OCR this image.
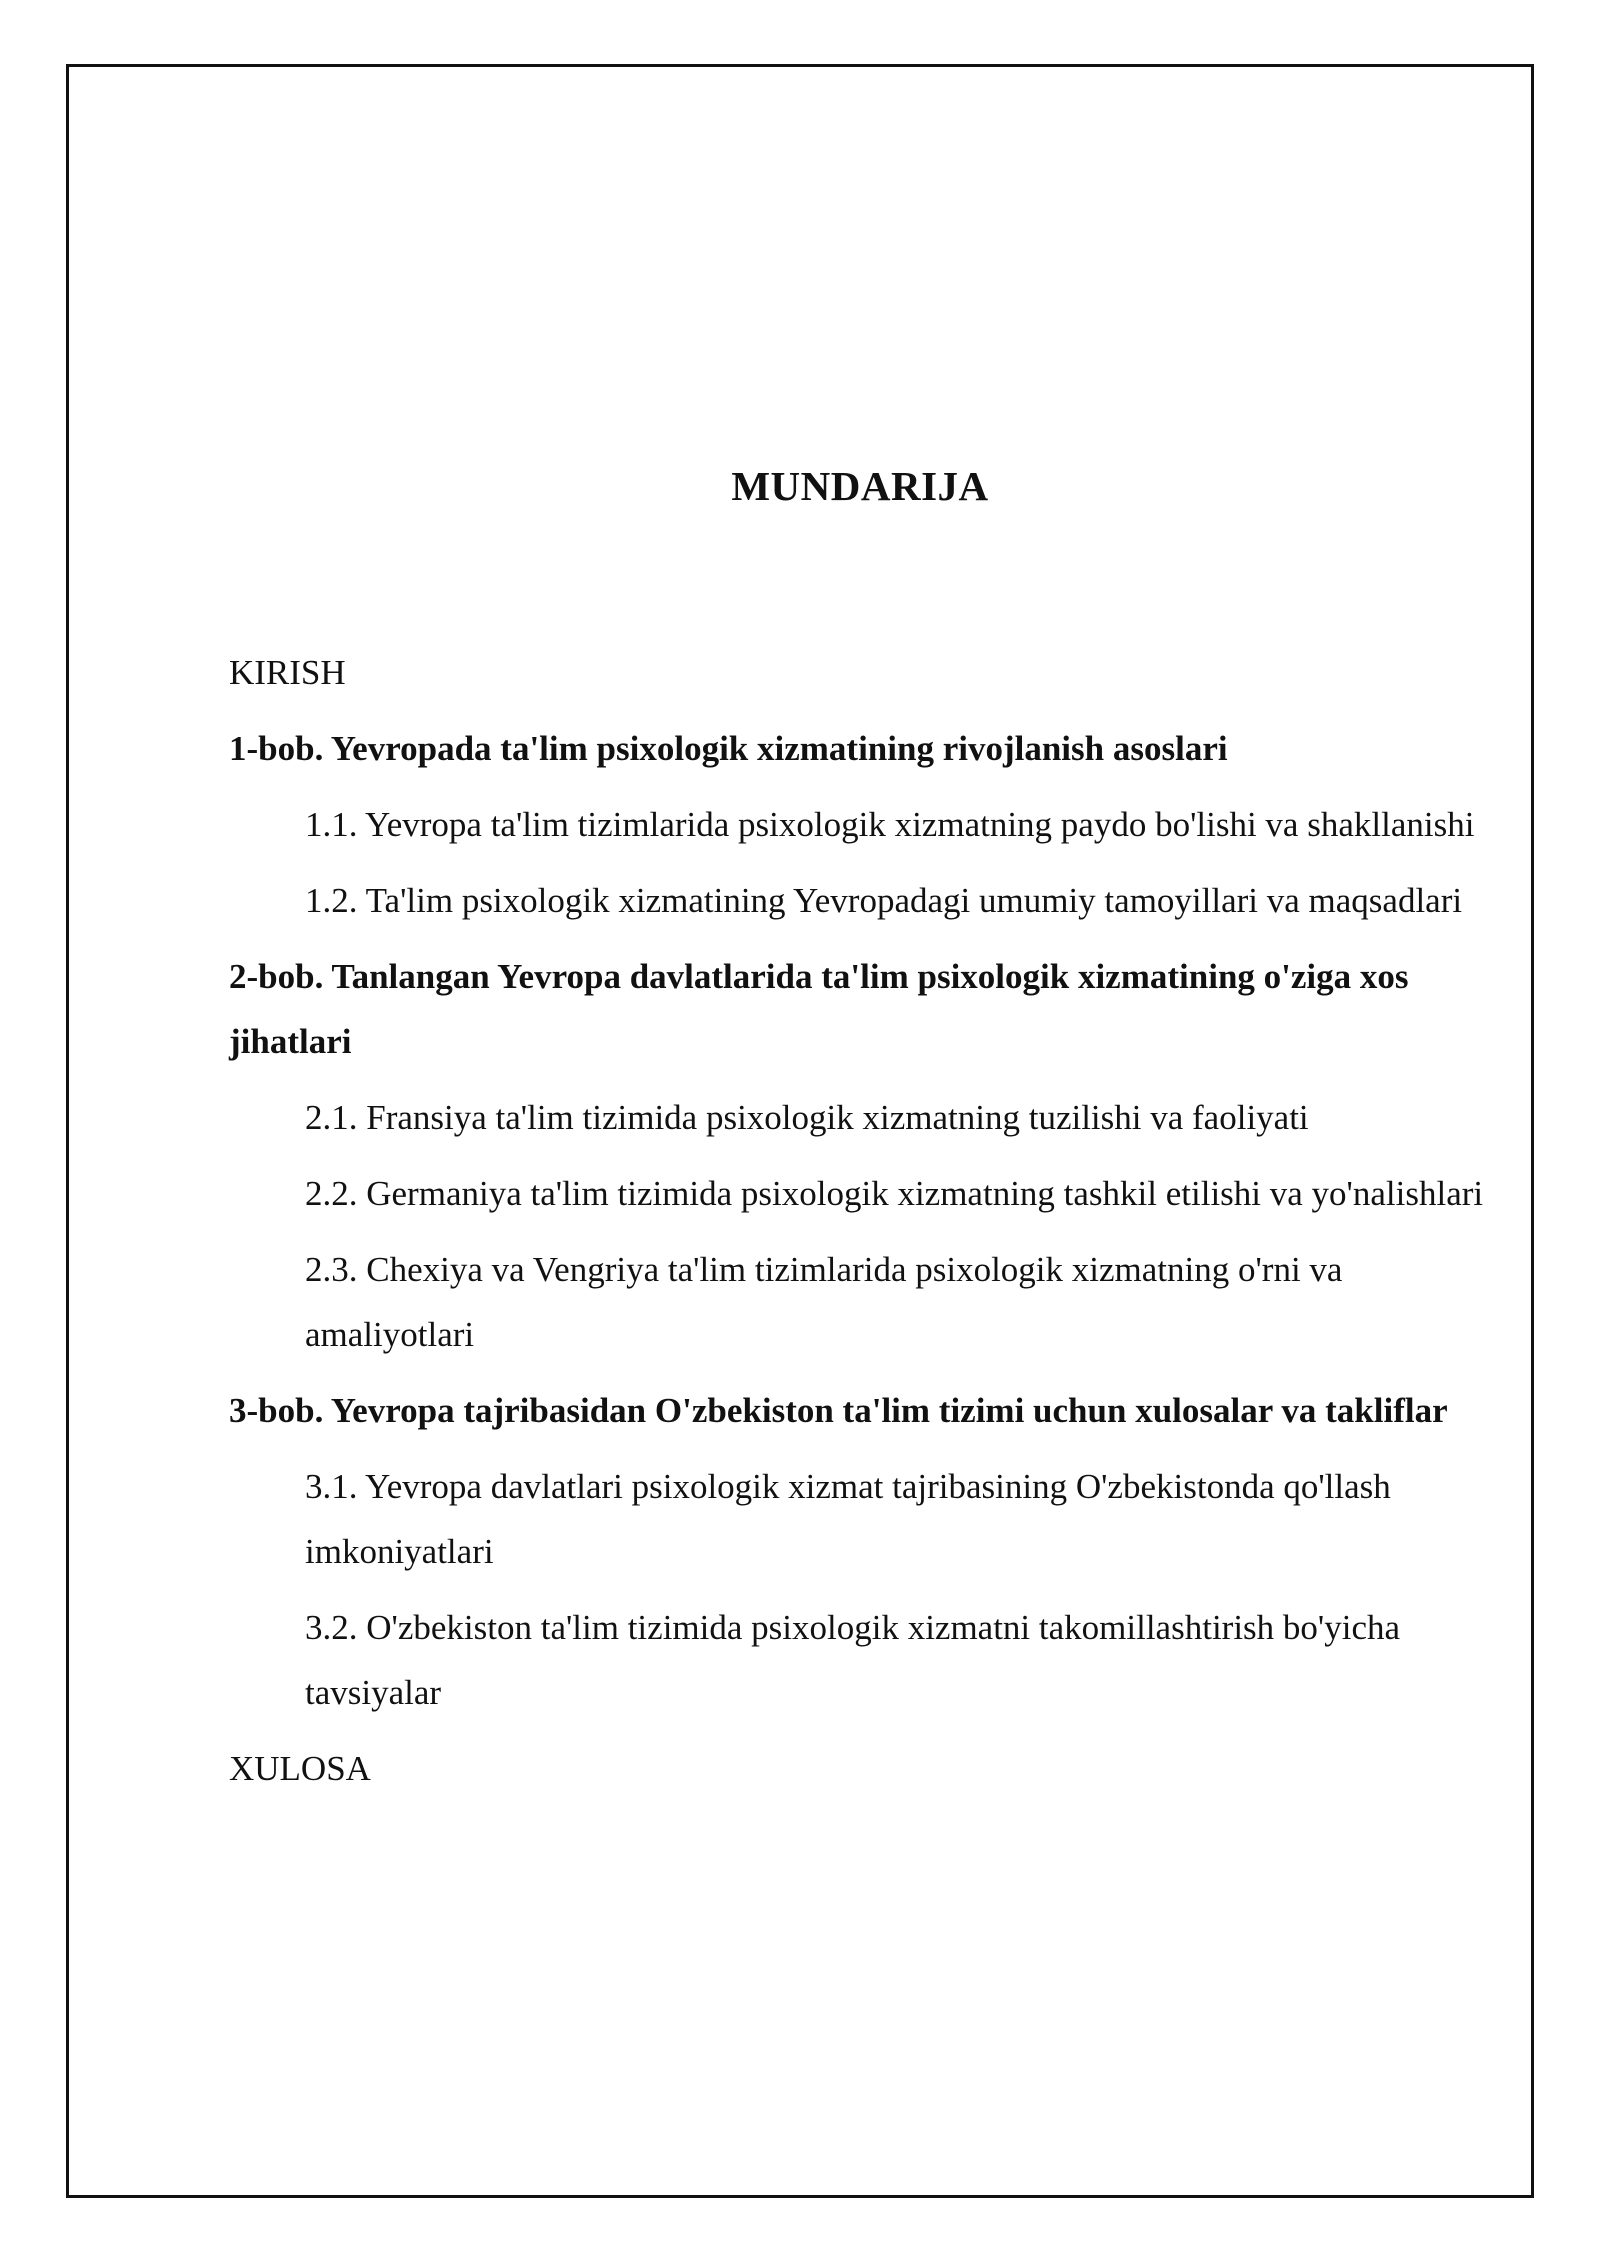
MUNDARIJA

KIRISH

1-bob. Yevropada ta'lim psixologik xizmatining rivojlanish asoslari

1.1. Yevropa ta'lim tizimlarida psixologik xizmatning paydo bo'lishi va shakllanishi

1.2. Ta'lim psixologik xizmatining Yevropadagi umumiy tamoyillari va maqsadlari

2-bob. Tanlangan Yevropa davlatlarida ta'lim psixologik xizmatining o'ziga xos jihatlari

2.1. Fransiya ta'lim tizimida psixologik xizmatning tuzilishi va faoliyati

2.2. Germaniya ta'lim tizimida psixologik xizmatning tashkil etilishi va yo'nalishlari

2.3. Chexiya va Vengriya ta'lim tizimlarida psixologik xizmatning o'rni va amaliyotlari

3-bob. Yevropa tajribasidan O'zbekiston ta'lim tizimi uchun xulosalar va takliflar

3.1. Yevropa davlatlari psixologik xizmat tajribasining O'zbekistonda qo'llash imkoniyatlari

3.2. O'zbekiston ta'lim tizimida psixologik xizmatni takomillashtirish bo'yicha tavsiyalar

XULOSA
